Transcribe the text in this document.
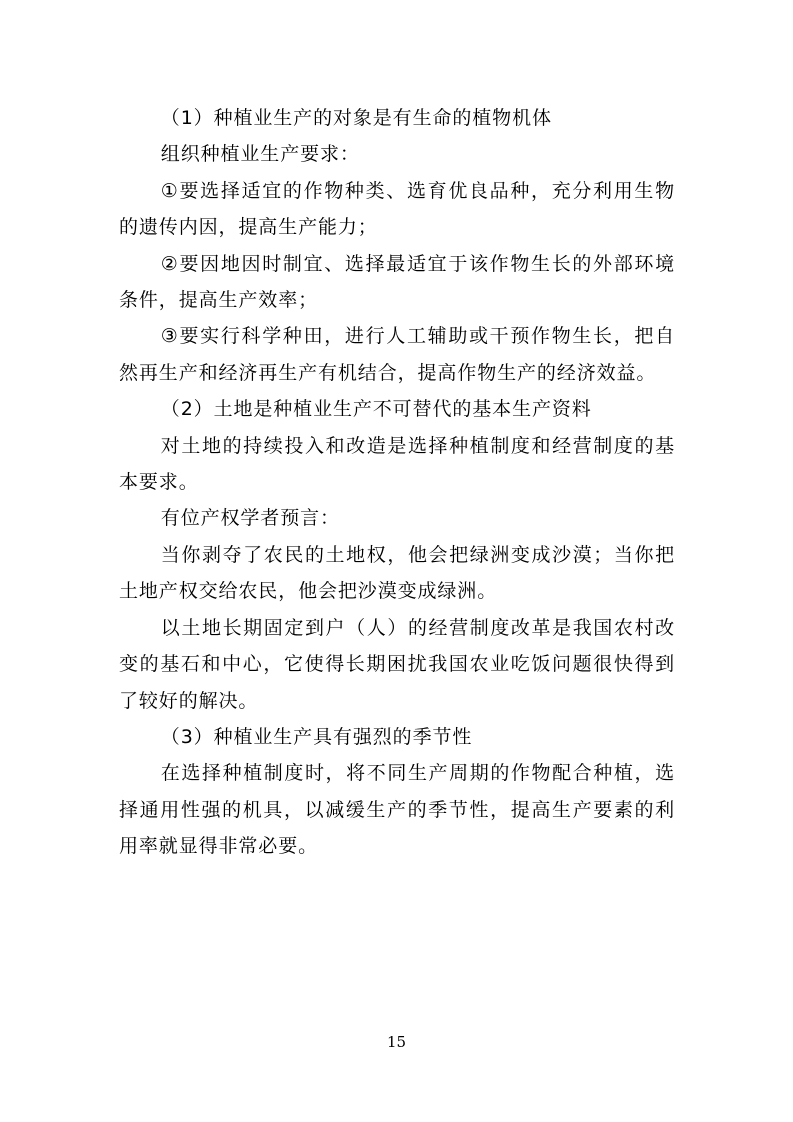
（1）种植业生产的对象是有生命的植物机体

组织种植业生产要求：

①要选择适宜的作物种类、选育优良品种，充分利用生物的遗传内因，提高生产能力；

②要因地因时制宜、选择最适宜于该作物生长的外部环境条件，提高生产效率；

③要实行科学种田，进行人工辅助或干预作物生长，把自然再生产和经济再生产有机结合，提高作物生产的经济效益。

（2）土地是种植业生产不可替代的基本生产资料

对土地的持续投入和改造是选择种植制度和经营制度的基本要求。

有位产权学者预言：

当你剥夺了农民的土地权，他会把绿洲变成沙漠；当你把土地产权交给农民，他会把沙漠变成绿洲。

以土地长期固定到户（人）的经营制度改革是我国农村改变的基石和中心，它使得长期困扰我国农业吃饭问题很快得到了较好的解决。

（3）种植业生产具有强烈的季节性

在选择种植制度时，将不同生产周期的作物配合种植，选择通用性强的机具，以减缓生产的季节性，提高生产要素的利用率就显得非常必要。

15
